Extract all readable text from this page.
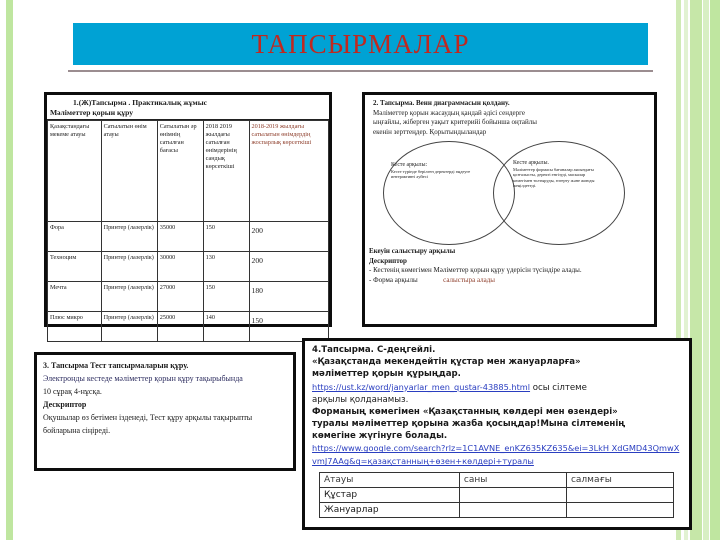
ТАПСЫРМАЛАР
1.(Ж)Тапсырма . Практикалық жұмыс
Мәліметтер қорын құру
Қазақстандағы мекеме атауы	Сатылатын өнім атауы	Сатылатын әр өнімнің сатылған бағасы	2018 2019 жылдағы сатылған өнімдерінің сандық көрсеткіші	2018-2019 жылдағы сатылатын өнімдердің жоспарлық көрсеткіші
Фора	Принтер (лазерлік)	35000	150	200
Техноцим	Принтер (лазерлік)	30000	130	200
Мечта	Принтер (лазерлік)	27000	150	180
Плюс микро	Принтер (лазерлік)	25000	140	150
2. Тапсырма. Венн диаграммасын қолдану.
Мәліметтер қорын жасаудың қандай әдісі сендерге
ыңғайлы, жіберген уақыт критерийі бойынша оңтайлы
екенін зерттеңдер. Қорытындыландар
Кесте арқылы:
Кесте түрінде берілген деректерді өңдеуге интерактивті әуйесі
Кесте арқылы.
Мәліметтер формасы бағаналар аясындағы қозғалысты, деректі енгізуді, маскалар көмегімен толтыруды, өзгерту және жоюды жеңілдетеді.
Екеуін салыстыру арқылы
Дескриптор
- Кестенің көмегімен Мәліметтер қорын құру үдерісін түсіндіре алады.
- Форма арқылы	салыстыра алады
3. Тапсырма Тест тапсырмаларын құру.
Электронды кестеде мәліметтер қорын құру тақырыбында
10 сұрақ 4-нұсқа.
Дескриптор
Оқушылар өз бетімен ізденеді, Тест құру арқылы тақырыпты
бойларына сіңіреді.
4.Тапсырма. С-деңгейлі.
«Қазақстанда мекендейтін құстар мен жануарларға»
мәліметтер қорын құрыңдар.
https://ust.kz/word/janyarlar_men_qustar-43885.html осы сілтеме
арқылы қолданамыз.
Форманың көмегімен «Қазақстанның көлдері мен өзендері»
туралы мәліметтер қорына жазба қосыңдар!Мына сілтеменің
көмегіне жүгінуге болады.
https://www.google.com/search?rlz=1C1AVNE_enKZ635KZ635&ei=3LkH XdGMD43QmwXvmJ7AAg&q=қазақстанның+өзен+көлдері+туралы
Атауы	саны	салмағы
Құстар		
Жануарлар		
